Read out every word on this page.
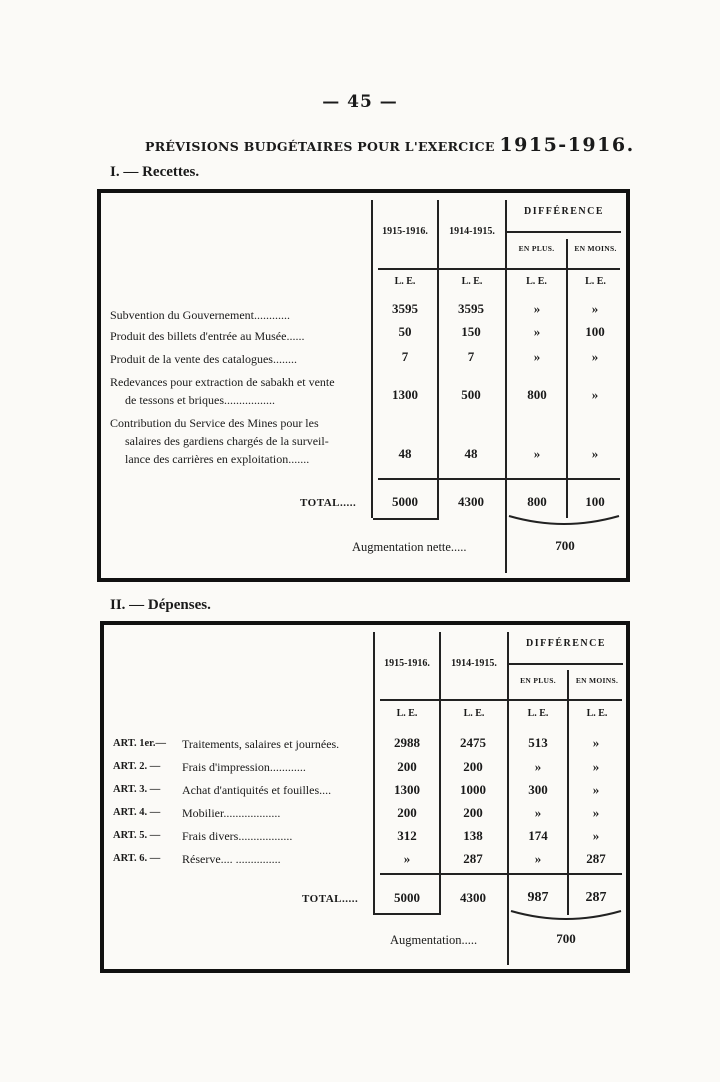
— 45 —
PRÉVISIONS BUDGÉTAIRES POUR L'EXERCICE 1915-1916.
I. — Recettes.
1915-1916.	1914-1915.
DIFFÉRENCE
EN PLUS.	EN MOINS.
L. E.	L. E.	L. E.	L. E.
Subvention du Gouvernement............	3595	3595	»	»
Produit des billets d'entrée au Musée......	50	150	»	100
Produit de la vente des catalogues........	7	7	»	»
Redevances pour extraction de sabakh et vente
de tessons et briques.................	1300	500	800	»
Contribution du Service des Mines pour les
salaires des gardiens chargés de la surveil-
lance des carrières en exploitation.......	48	48	»	»
TOTAL.....	5000	4300	800	100
Augmentation nette.....	700
II. — Dépenses.
1915-1916.	1914-1915.
DIFFÉRENCE
EN PLUS.	EN MOINS.
L. E.	L. E.	L. E.	L. E.
ART. 1er.— Traitements, salaires et journées.	2988	2475	513	»
ART. 2. — Frais d'impression............	200	200	»	»
ART. 3. — Achat d'antiquités et fouilles....	1300	1000	300	»
ART. 4. — Mobilier...................	200	200	»	»
ART. 5. — Frais divers..................	312	138	174	»
ART. 6. — Réserve.... ...............	»	287	»	287
TOTAL.....	5000	4300	987	287
Augmentation.....	700
